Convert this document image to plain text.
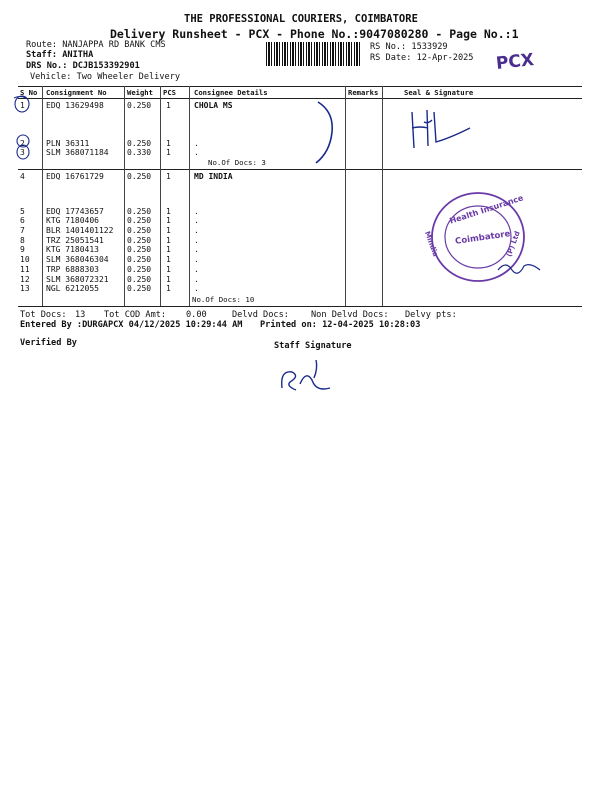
THE PROFESSIONAL COURIERS, COIMBATORE
Delivery Runsheet - PCX - Phone No.:9047080280 - Page No.:1
Route: NANJAPPA RD BANK CMS
Staff: ANITHA
DRS No.: DCJB153392901
Vehicle: Two Wheeler Delivery
RS No.: 1533929
RS Date: 12-Apr-2025 PCX
S No Consignment No	Weight PCS	Consignee Details	Remarks	Seal & Signature
1	EDQ 13629498	0.250 1	CHOLA MS
2	PLN 36311	0.250 1	.
3	SLM 368071184 0.330 1	.
No.Of Docs: 3
4	EDQ 16761729	0.250 1	MD INDIA
5	EDQ 17743657	0.250 1	.
6	KTG 7180406	0.250 1	.
7	BLR 1401401122 0.250 1	.
8	TRZ 25051541	0.250 1	.
9	KTG 7180413	0.250 1	.
10 SLM 368046304 0.250 1	.
11 TRP 6888303	0.250 1	.
12 SLM 368072321 0.250 1	.
13 NGL 6212055	0.250 1	.
No.Of Docs: 10
Health Insurance
Coimbatore
Mindia	(P) Ltd
Tot Docs: 13 Tot COD Amt: 0.00	Delvd Docs:	Non Delvd Docs: Delvy pts:
Entered By :DURGAPCX 04/12/2025 10:29:44 AM Printed on: 12-04-2025 10:28:03
Verified By	Staff Signature
